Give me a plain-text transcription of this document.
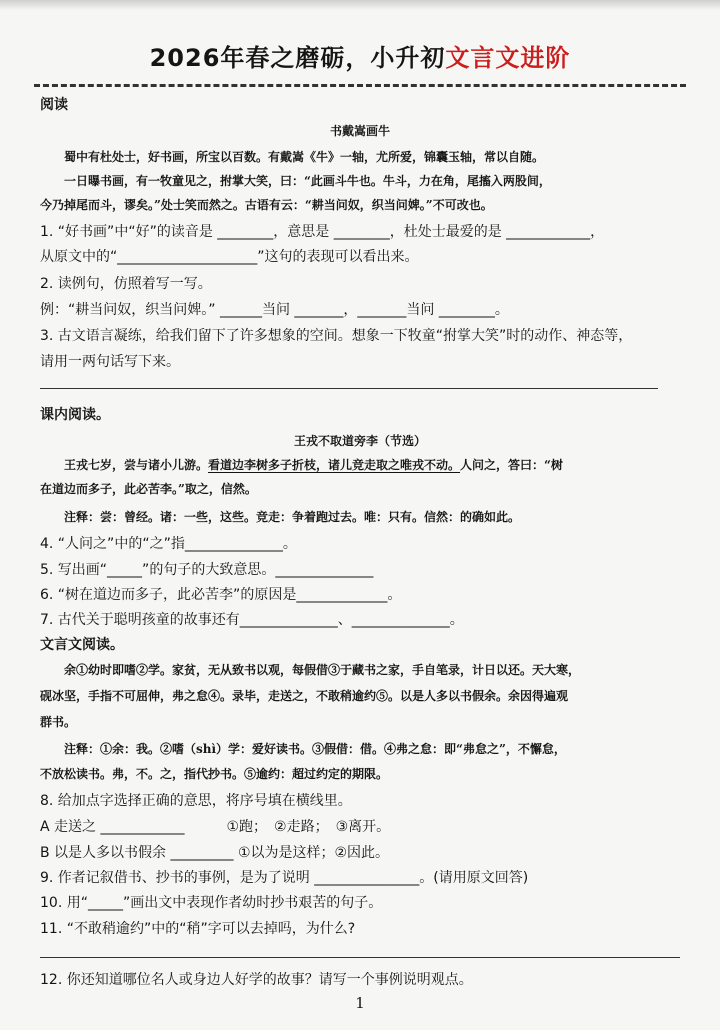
2026年春之磨砺，小升初文言文进阶
阅读
书戴嵩画牛
　　蜀中有杜处士，好书画，所宝以百数。有戴嵩《牛》一轴，尤所爱，锦囊玉轴，常以自随。
　　一日曝书画，有一牧童见之，拊掌大笑，曰：“此画斗牛也。牛斗，力在角，尾搐入两股间，
今乃掉尾而斗，谬矣。”处士笑而然之。古语有云：“耕当问奴，织当问婢。”不可改也。
1. “好书画”中“好”的读音是 ________，意思是 ________，杜处士最爱的是 ____________，
从原文中的“____________________”这句的表现可以看出来。
2. 读例句，仿照着写一写。
例：“耕当问奴，织当问婢。” ______当问 _______，_______当问 ________。
3. 古文语言凝练，给我们留下了许多想象的空间。想象一下牧童“拊掌大笑”时的动作、神态等，
请用一两句话写下来。
课内阅读。
王戎不取道旁李（节选）
　　王戎七岁，尝与诸小儿游。看道边李树多子折枝，诸儿竞走取之唯戎不动。人问之，答曰：“树
在道边而多子，此必苦李。”取之，信然。
　　注释：尝：曾经。诸：一些，这些。竞走：争着跑过去。唯：只有。信然：的确如此。
4. “人问之”中的“之”指______________。
5. 写出画“_____”的句子的大致意思。______________
6. “树在道边而多子，此必苦李”的原因是_____________。
7. 古代关于聪明孩童的故事还有______________、______________。
文言文阅读。
　　余①幼时即嗜②学。家贫，无从致书以观，每假借③于藏书之家，手自笔录，计日以还。天大寒，
砚冰坚，手指不可屈伸，弗之怠④。录毕，走送之，不敢稍逾约⑤。以是人多以书假余。余因得遍观
群书。
　　注释：①余：我。②嗜（shì）学：爱好读书。③假借：借。④弗之怠：即“弗怠之”，不懈怠，
不放松读书。弗，不。之，指代抄书。⑤逾约：超过约定的期限。
8. 给加点字选择正确的意思，将序号填在横线里。
A 走送之 ____________　　　①跑；　②走路；　③离开。
B 以是人多以书假余 _________ ①以为是这样；②因此。
9. 作者记叙借书、抄书的事例，是为了说明 _______________。(请用原文回答)
10. 用“_____”画出文中表现作者幼时抄书艰苦的句子。
11. “不敢稍逾约”中的“稍”字可以去掉吗，为什么?
12. 你还知道哪位名人或身边人好学的故事？请写一个事例说明观点。
1
